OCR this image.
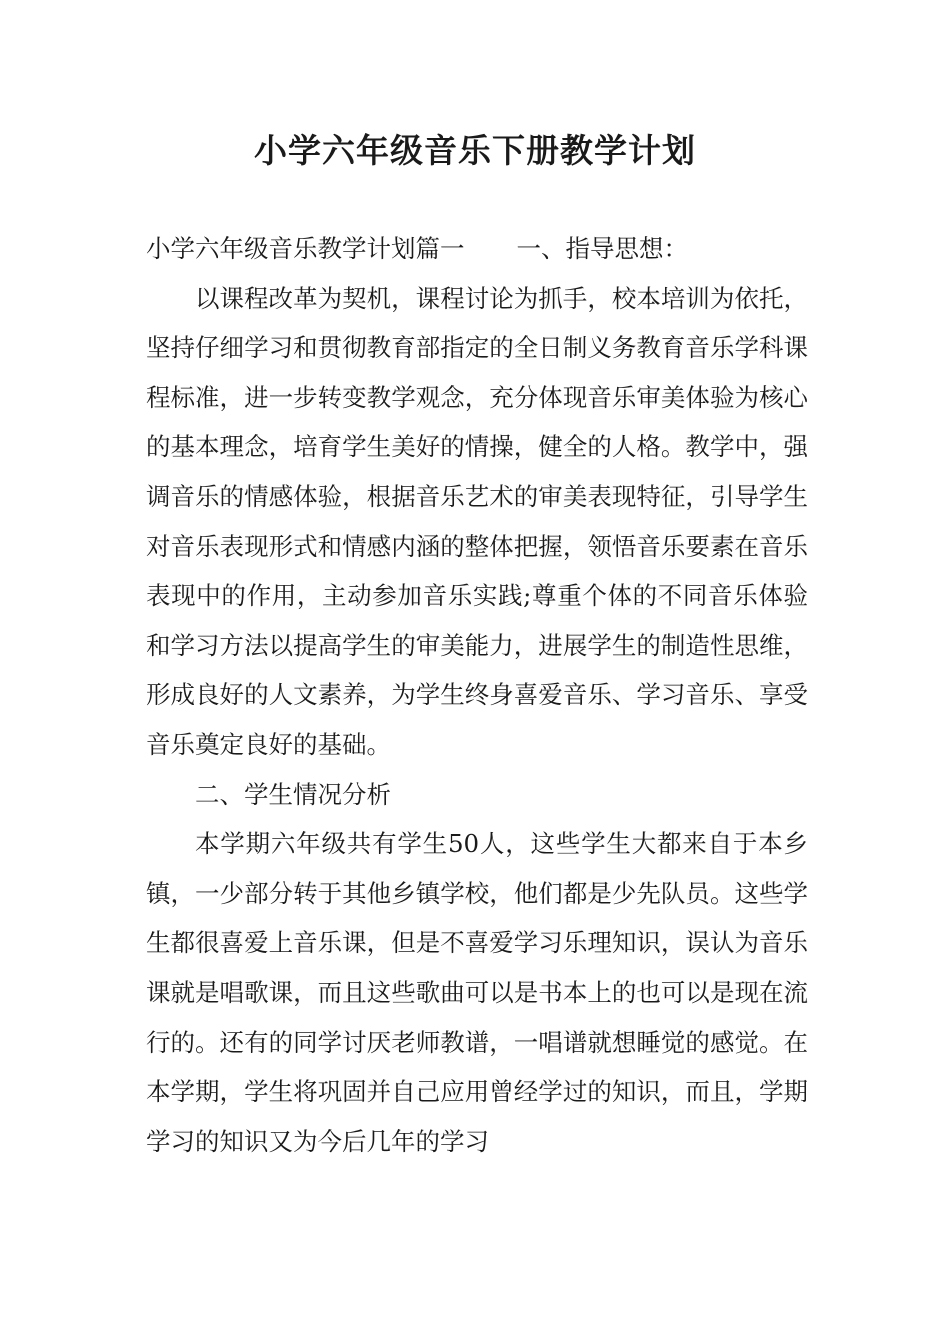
小学六年级音乐下册教学计划

小学六年级音乐教学计划篇一 一、指导思想：

以课程改革为契机，课程讨论为抓手，校本培训为依托，坚持仔细学习和贯彻教育部指定的全日制义务教育音乐学科课程标准，进一步转变教学观念，充分体现音乐审美体验为核心的基本理念，培育学生美好的情操，健全的人格。教学中，强调音乐的情感体验，根据音乐艺术的审美表现特征，引导学生对音乐表现形式和情感内涵的整体把握，领悟音乐要素在音乐表现中的作用，主动参加音乐实践;尊重个体的不同音乐体验和学习方法以提高学生的审美能力，进展学生的制造性思维，形成良好的人文素养，为学生终身喜爱音乐、学习音乐、享受音乐奠定良好的基础。

二、学生情况分析

本学期六年级共有学生50人，这些学生大都来自于本乡镇，一少部分转于其他乡镇学校，他们都是少先队员。这些学生都很喜爱上音乐课，但是不喜爱学习乐理知识，误认为音乐课就是唱歌课，而且这些歌曲可以是书本上的也可以是现在流行的。还有的同学讨厌老师教谱，一唱谱就想睡觉的感觉。在本学期，学生将巩固并自己应用曾经学过的知识，而且，学期学习的知识又为今后几年的学习
